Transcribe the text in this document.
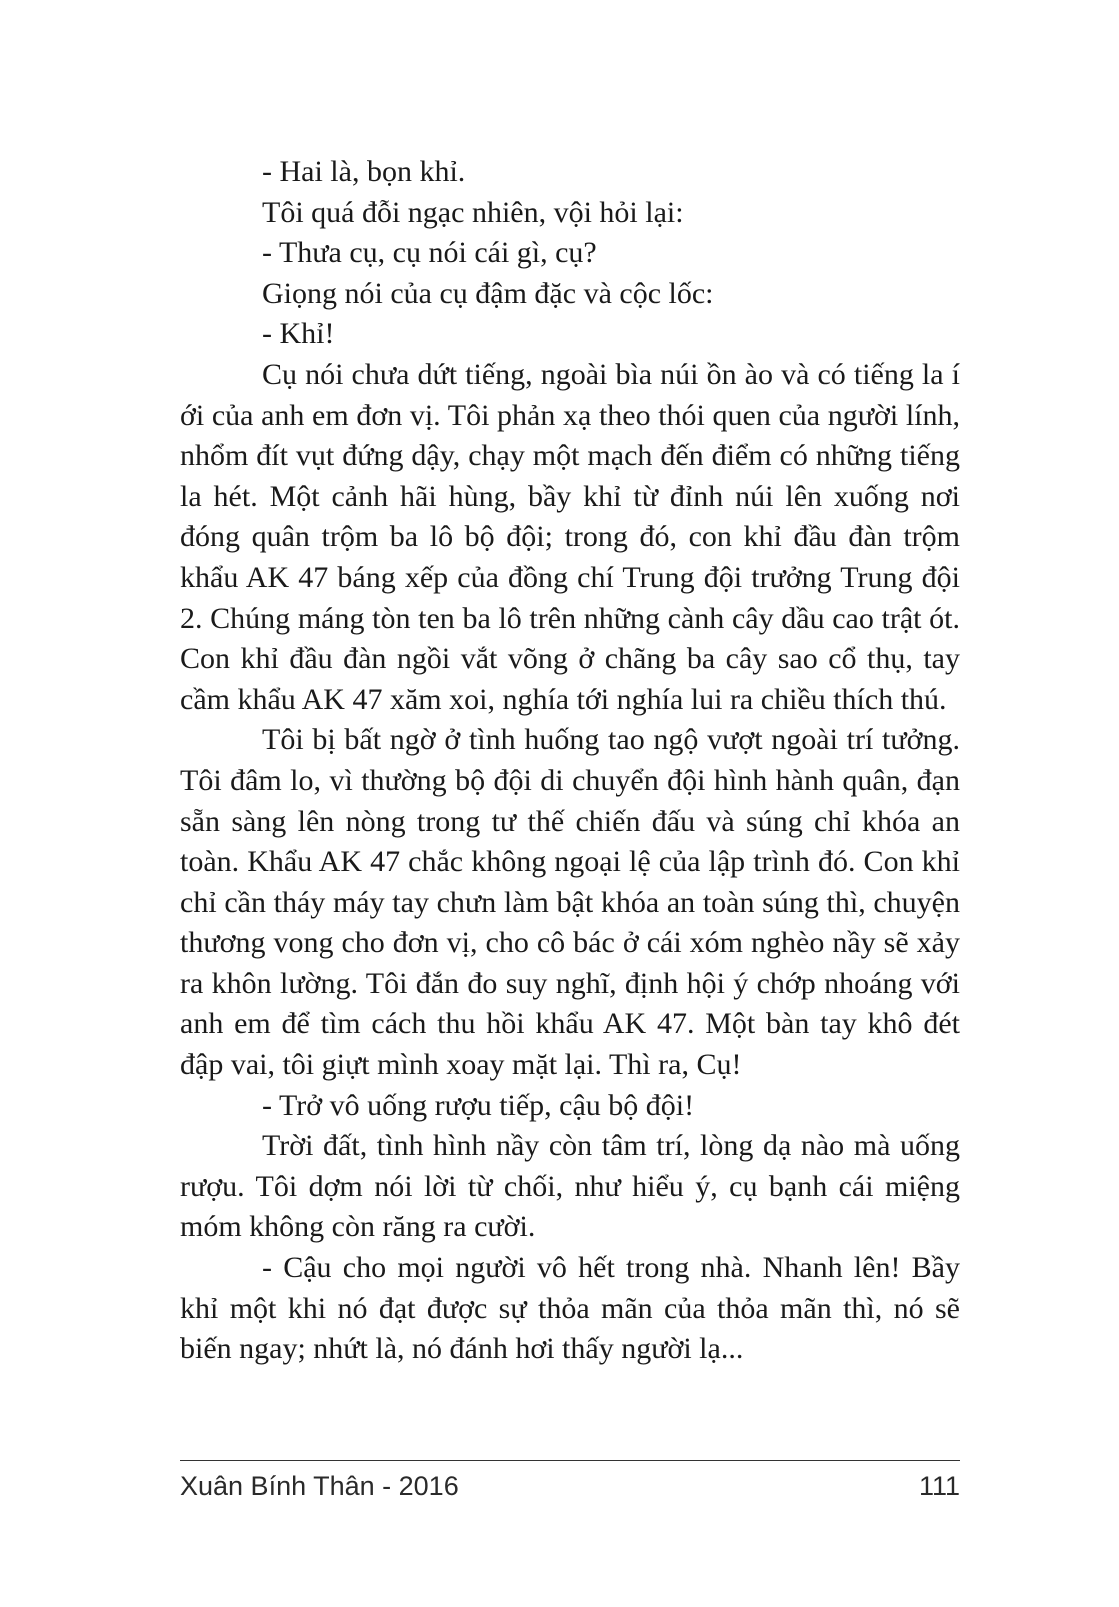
- Hai là, bọn khỉ.

Tôi quá đỗi ngạc nhiên, vội hỏi lại:

- Thưa cụ, cụ nói cái gì, cụ?

Giọng nói của cụ đậm đặc và cộc lốc:

- Khỉ!

Cụ nói chưa dứt tiếng, ngoài bìa núi ồn ào và có tiếng la í ới của anh em đơn vị. Tôi phản xạ theo thói quen của người lính, nhổm đít vụt đứng dậy, chạy một mạch đến điểm có những tiếng la hét. Một cảnh hãi hùng, bầy khỉ từ đỉnh núi lên xuống nơi đóng quân trộm ba lô bộ đội; trong đó, con khỉ đầu đàn trộm khẩu AK 47 báng xếp của đồng chí Trung đội trưởng Trung đội 2. Chúng máng tòn ten ba lô trên những cành cây dầu cao trật ót. Con khỉ đầu đàn ngồi vắt võng ở chãng ba cây sao cổ thụ, tay cầm khẩu AK 47 xăm xoi, nghía tới nghía lui ra chiều thích thú.

Tôi bị bất ngờ ở tình huống tao ngộ vượt ngoài trí tưởng. Tôi đâm lo, vì thường bộ đội di chuyển đội hình hành quân, đạn sẵn sàng lên nòng trong tư thế chiến đấu và súng chỉ khóa an toàn. Khẩu AK 47 chắc không ngoại lệ của lập trình đó. Con khỉ chỉ cần tháy máy tay chưn làm bật khóa an toàn súng thì, chuyện thương vong cho đơn vị, cho cô bác ở cái xóm nghèo nầy sẽ xảy ra khôn lường. Tôi đắn đo suy nghĩ, định hội ý chớp nhoáng với anh em để tìm cách thu hồi khẩu AK 47. Một bàn tay khô đét đập vai, tôi giựt mình xoay mặt lại. Thì ra, Cụ!

- Trở vô uống rượu tiếp, cậu bộ đội!

Trời đất, tình hình nầy còn tâm trí, lòng dạ nào mà uống rượu. Tôi dợm nói lời từ chối, như hiểu ý, cụ bạnh cái miệng móm không còn răng ra cười.

- Cậu cho mọi người vô hết trong nhà. Nhanh lên! Bầy khỉ một khi nó đạt được sự thỏa mãn của thỏa mãn thì, nó sẽ biến ngay; nhứt là, nó đánh hơi thấy người lạ...

Xuân Bính Thân - 2016	111
